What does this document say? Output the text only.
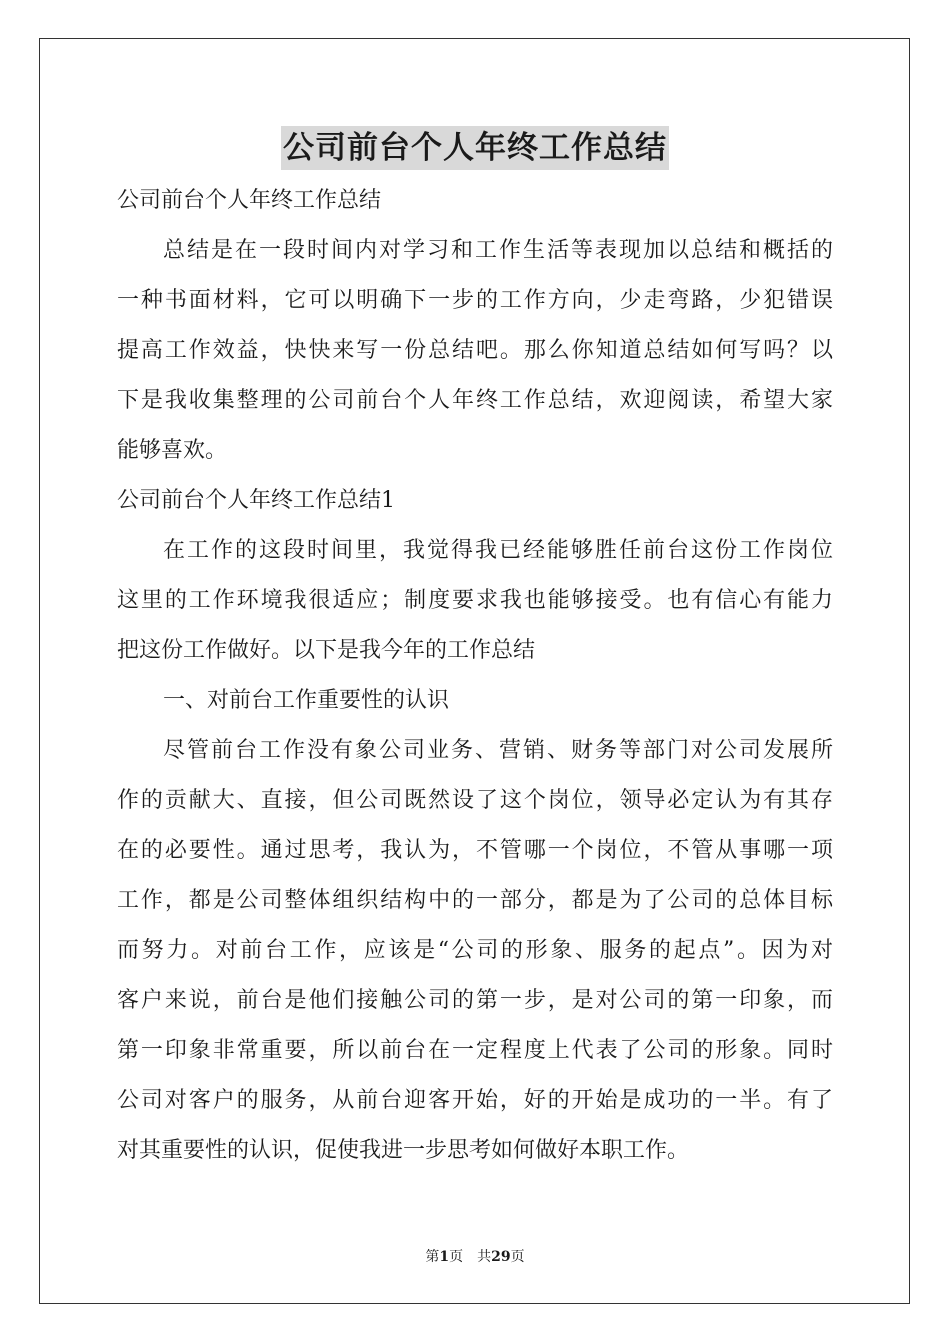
公司前台个人年终工作总结
公司前台个人年终工作总结
总结是在一段时间内对学习和工作生活等表现加以总结和概括的
一种书面材料，它可以明确下一步的工作方向，少走弯路，少犯错误
提高工作效益，快快来写一份总结吧。那么你知道总结如何写吗？以
下是我收集整理的公司前台个人年终工作总结，欢迎阅读，希望大家
能够喜欢。
公司前台个人年终工作总结1
在工作的这段时间里，我觉得我已经能够胜任前台这份工作岗位
这里的工作环境我很适应；制度要求我也能够接受。也有信心有能力
把这份工作做好。以下是我今年的工作总结
一、对前台工作重要性的认识
尽管前台工作没有象公司业务、营销、财务等部门对公司发展所
作的贡献大、直接，但公司既然设了这个岗位，领导必定认为有其存
在的必要性。通过思考，我认为，不管哪一个岗位，不管从事哪一项
工作，都是公司整体组织结构中的一部分，都是为了公司的总体目标
而努力。对前台工作，应该是“公司的形象、服务的起点”。因为对
客户来说，前台是他们接触公司的第一步，是对公司的第一印象，而
第一印象非常重要，所以前台在一定程度上代表了公司的形象。同时
公司对客户的服务，从前台迎客开始，好的开始是成功的一半。有了
对其重要性的认识，促使我进一步思考如何做好本职工作。
第1页　共29页
